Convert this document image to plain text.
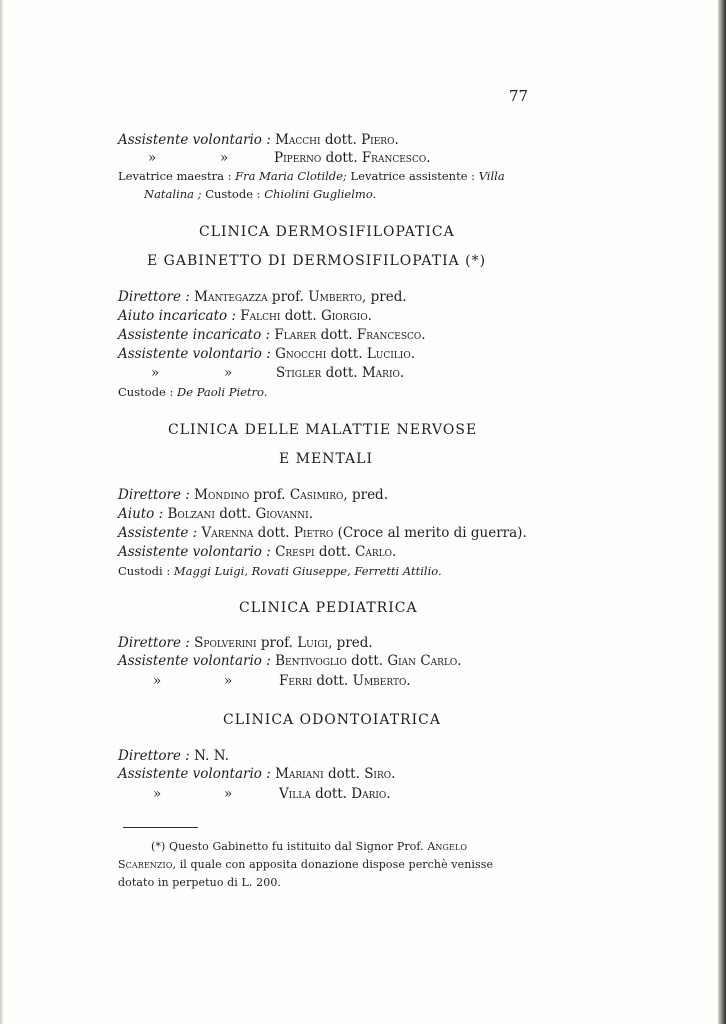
77
Assistente volontario : Macchi dott. Piero.
»	»	Piperno dott. Francesco.
Levatrice maestra : Fra Maria Clotilde; Levatrice assistente : Villa
Natalina ; Custode : Chiolini Guglielmo.
CLINICA DERMOSIFILOPATICA
E GABINETTO DI DERMOSIFILOPATIA (*)
Direttore : Mantegazza prof. Umberto, pred.
Aiuto incaricato : Falchi dott. Giorgio.
Assistente incaricato : Flarer dott. Francesco.
Assistente volontario : Gnocchi dott. Lucilio.
»	»	Stigler dott. Mario.
Custode : De Paoli Pietro.
CLINICA DELLE MALATTIE NERVOSE
E MENTALI
Direttore : Mondino prof. Casimiro, pred.
Aiuto : Bolzani dott. Giovanni.
Assistente : Varenna dott. Pietro (Croce al merito di guerra).
Assistente volontario : Crespi dott. Carlo.
Custodi : Maggi Luigi, Rovati Giuseppe, Ferretti Attilio.
CLINICA PEDIATRICA
Direttore : Spolverini prof. Luigi, pred.
Assistente volontario : Bentivoglio dott. Gian Carlo.
»	»	Ferri dott. Umberto.
CLINICA ODONTOIATRICA
Direttore : N. N.
Assistente volontario : Mariani dott. Siro.
»	»	Villa dott. Dario.
(*) Questo Gabinetto fu istituito dal Signor Prof. Angelo
Scarenzio, il quale con apposita donazione dispose perchè venisse
dotato in perpetuo di L. 200.
